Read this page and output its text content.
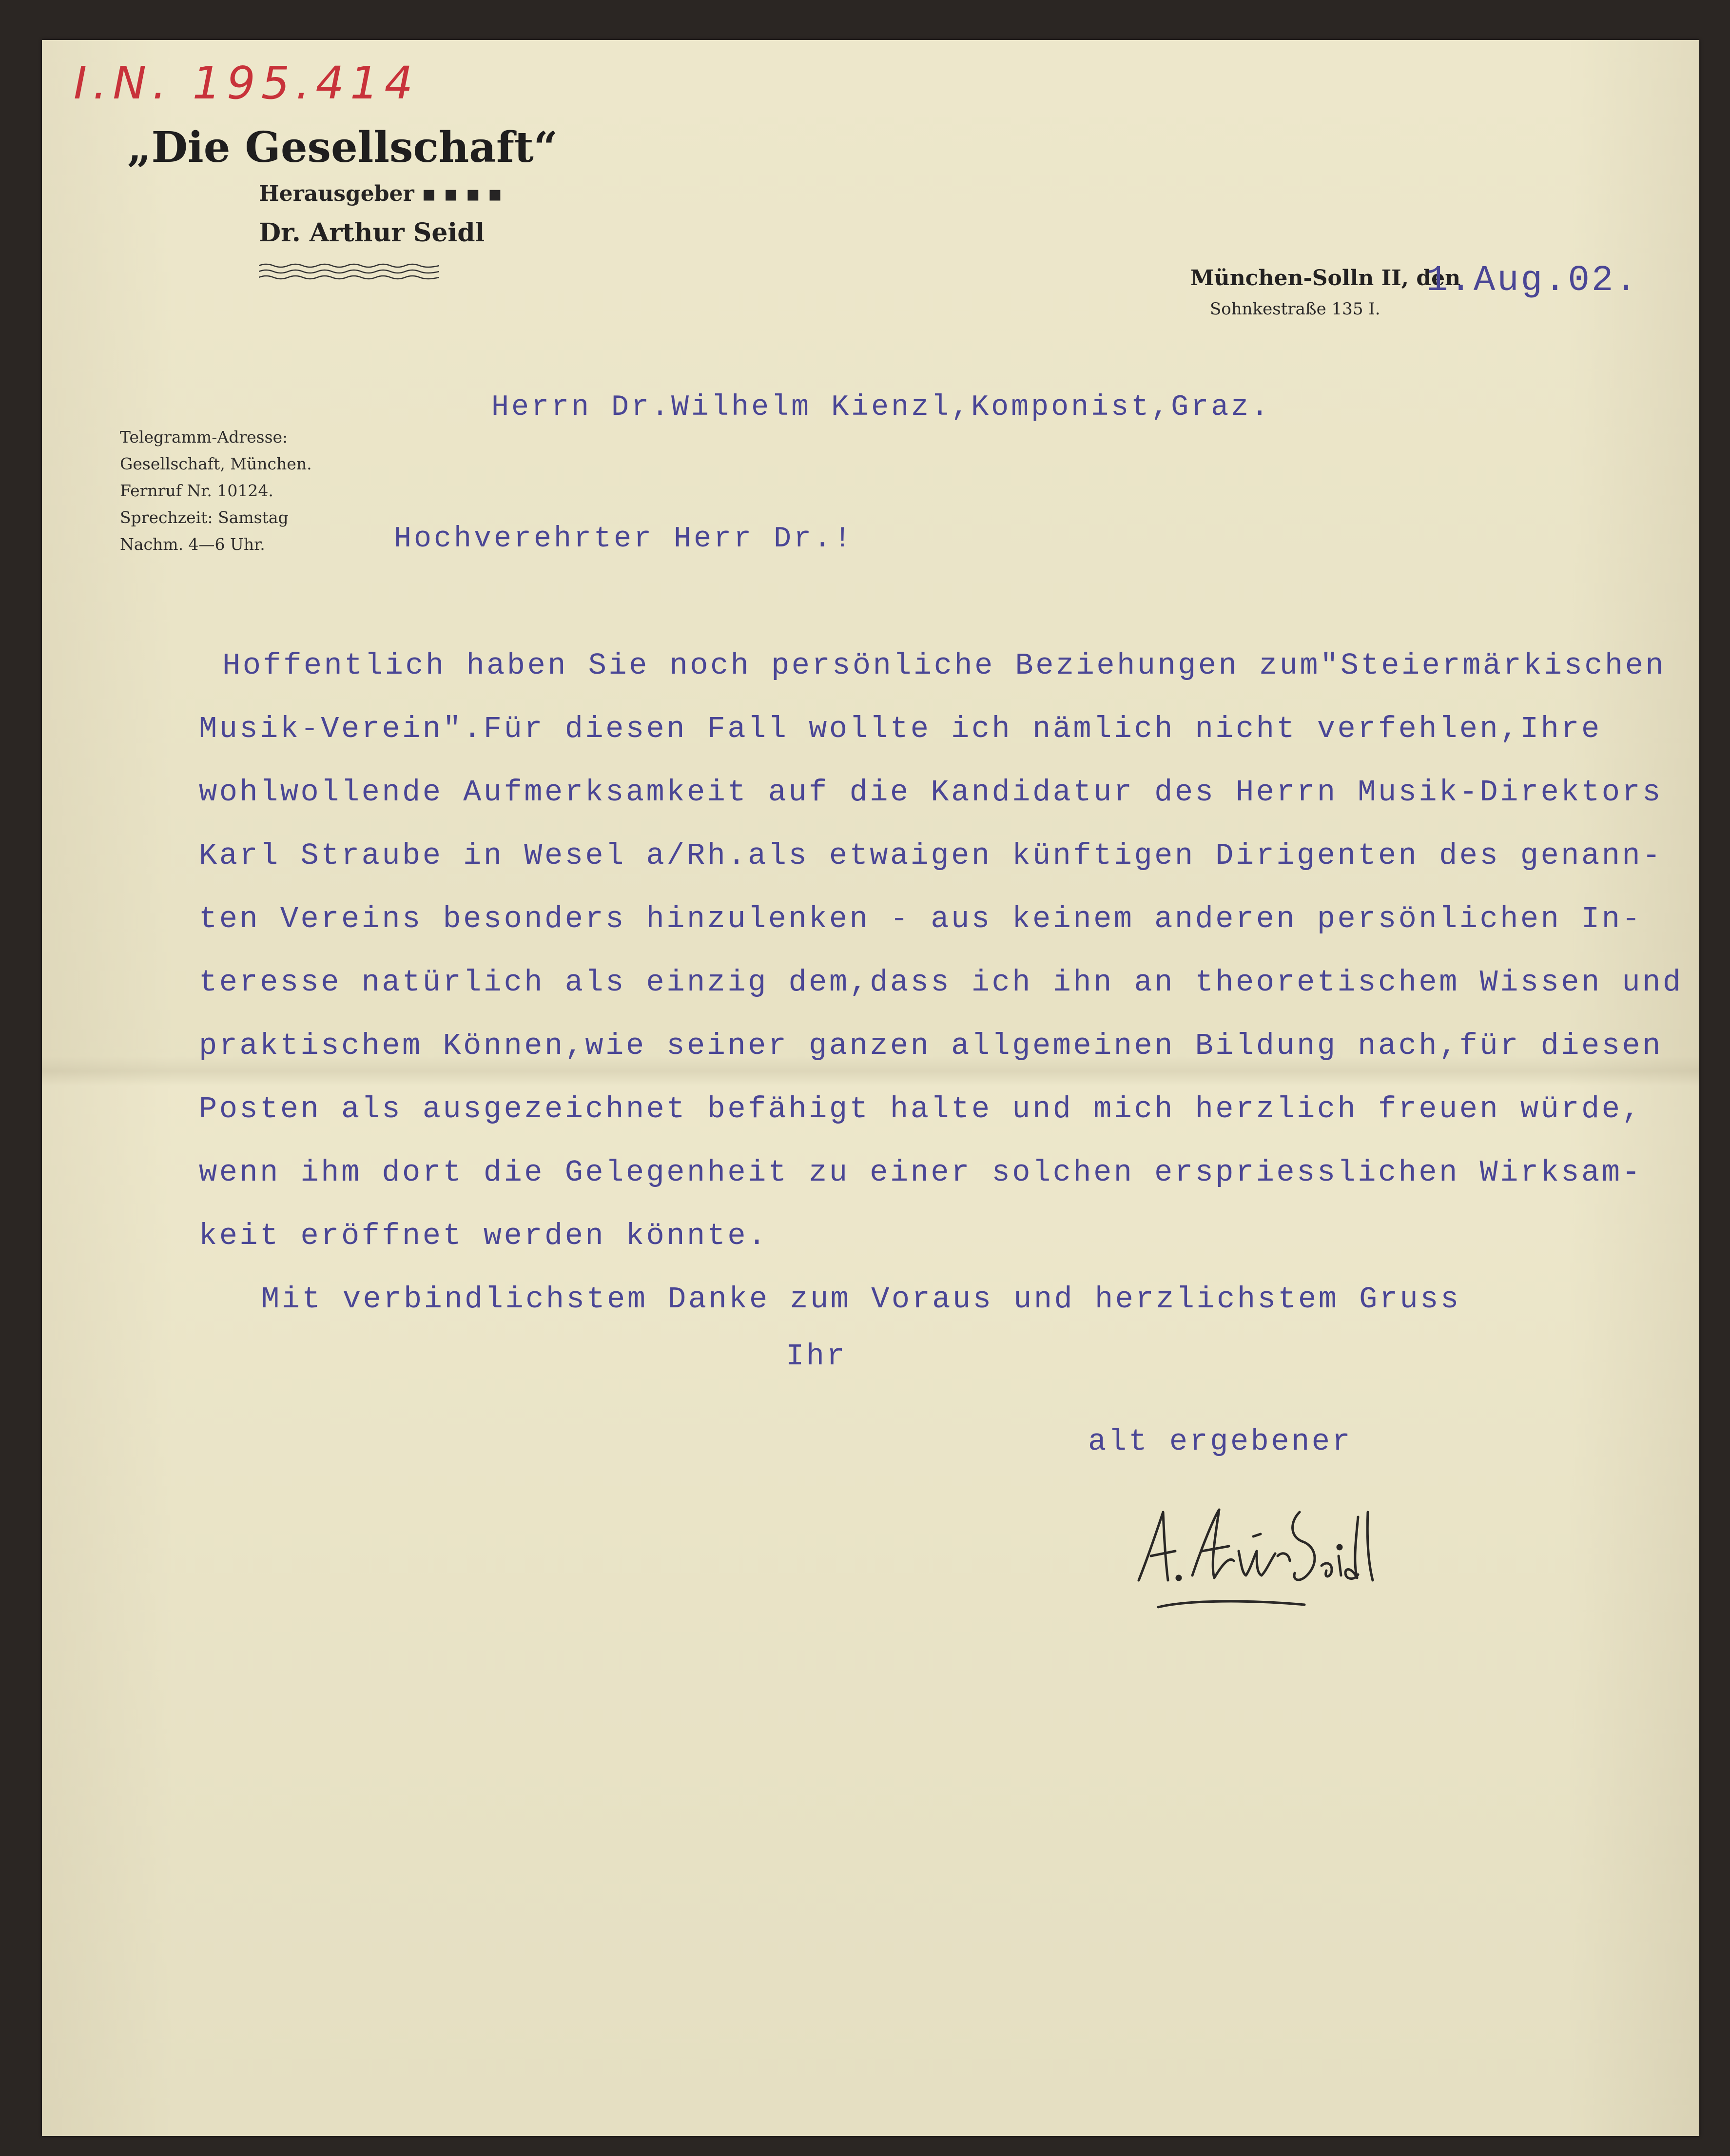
I.N. 195.414
„Die Gesellschaft“
Herausgeber ▪ ▪ ▪ ▪
Dr. Arthur Seidl
München-Solln II, den
1.Aug.02.
Sohnkestraße 135 I.
Telegramm-Adresse:
Gesellschaft, München.
Fernruf Nr. 10124.
Sprechzeit: Samstag
Nachm. 4—6 Uhr.
Herrn Dr.Wilhelm Kienzl,Komponist,Graz.
Hochverehrter Herr Dr.!
Hoffentlich haben Sie noch persönliche Beziehungen zum"Steiermärkischen
Musik-Verein".Für diesen Fall wollte ich nämlich nicht verfehlen,Ihre
wohlwollende Aufmerksamkeit auf die Kandidatur des Herrn Musik-Direktors
Karl Straube in Wesel a/Rh.als etwaigen künftigen Dirigenten des genann-
ten Vereins besonders hinzulenken - aus keinem anderen persönlichen In-
teresse natürlich als einzig dem,dass ich ihn an theoretischem Wissen und
praktischem Können,wie seiner ganzen allgemeinen Bildung nach,für diesen
Posten als ausgezeichnet befähigt halte und mich herzlich freuen würde,
wenn ihm dort die Gelegenheit zu einer solchen erspriesslichen Wirksam-
keit eröffnet werden könnte.
Mit verbindlichstem Danke zum Voraus und herzlichstem Gruss
Ihr
alt ergebener
